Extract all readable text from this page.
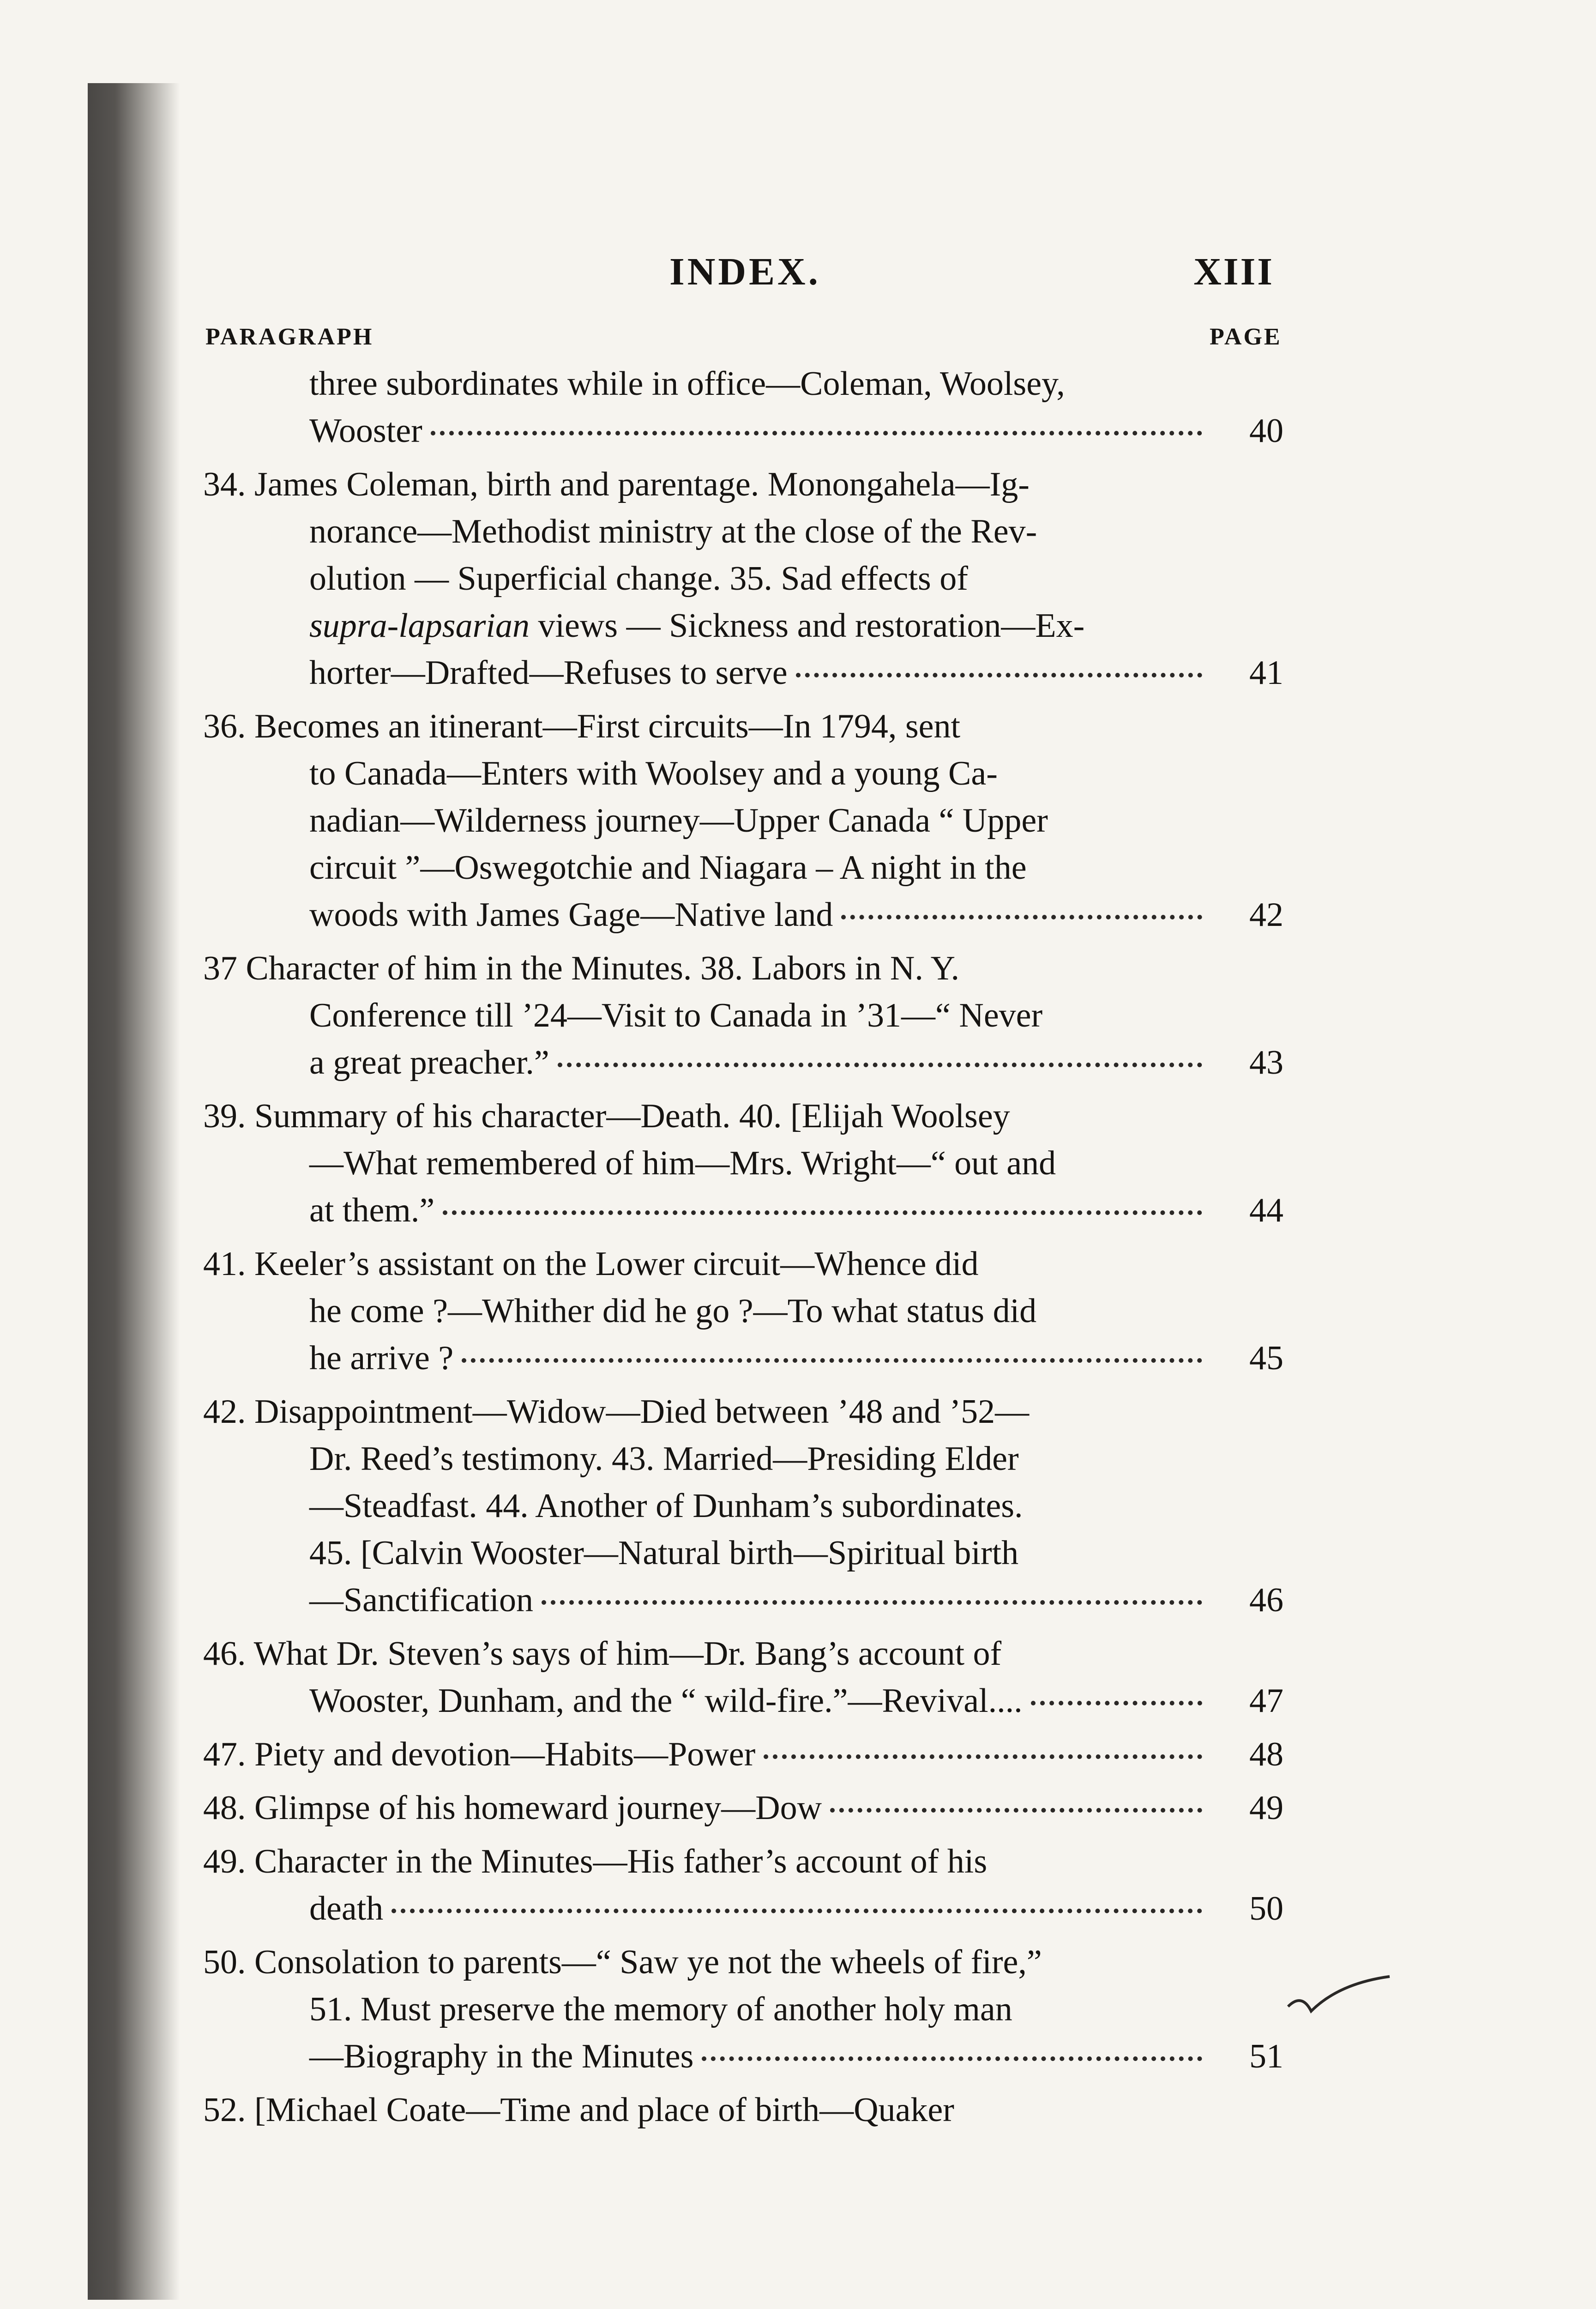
INDEX.	XIII
PARAGRAPH	PAGE
three subordinates while in office—Coleman, Woolsey,
Wooster	40
34. James Coleman, birth and parentage. Monongahela—Ig-
norance—Methodist ministry at the close of the Rev-
olution — Superficial change. 35. Sad effects of
supra-lapsarian views — Sickness and restoration—Ex-
horter—Drafted—Refuses to serve	41
36. Becomes an itinerant—First circuits—In 1794, sent
to Canada—Enters with Woolsey and a young Ca-
nadian—Wilderness journey—Upper Canada “ Upper
circuit ”—Oswegotchie and Niagara – A night in the
woods with James Gage—Native land	42
37 Character of him in the Minutes. 38. Labors in N. Y.
Conference till ’24—Visit to Canada in ’31—“ Never
a great preacher.”	43
39. Summary of his character—Death. 40. [Elijah Woolsey
—What remembered of him—Mrs. Wright—“ out and
at them.”	44
41. Keeler’s assistant on the Lower circuit—Whence did
he come ?—Whither did he go ?—To what status did
he arrive ?	45
42. Disappointment—Widow—Died between ’48 and ’52—
Dr. Reed’s testimony. 43. Married—Presiding Elder
—Steadfast. 44. Another of Dunham’s subordinates.
45. [Calvin Wooster—Natural birth—Spiritual birth
—Sanctification	46
46. What Dr. Steven’s says of him—Dr. Bang’s account of
Wooster, Dunham, and the “ wild-fire.”—Revival....	47
47. Piety and devotion—Habits—Power	48
48. Glimpse of his homeward journey—Dow	49
49. Character in the Minutes—His father’s account of his
death	50
50. Consolation to parents—“ Saw ye not the wheels of fire,”
51. Must preserve the memory of another holy man
—Biography in the Minutes	51
52. [Michael Coate—Time and place of birth—Quaker
